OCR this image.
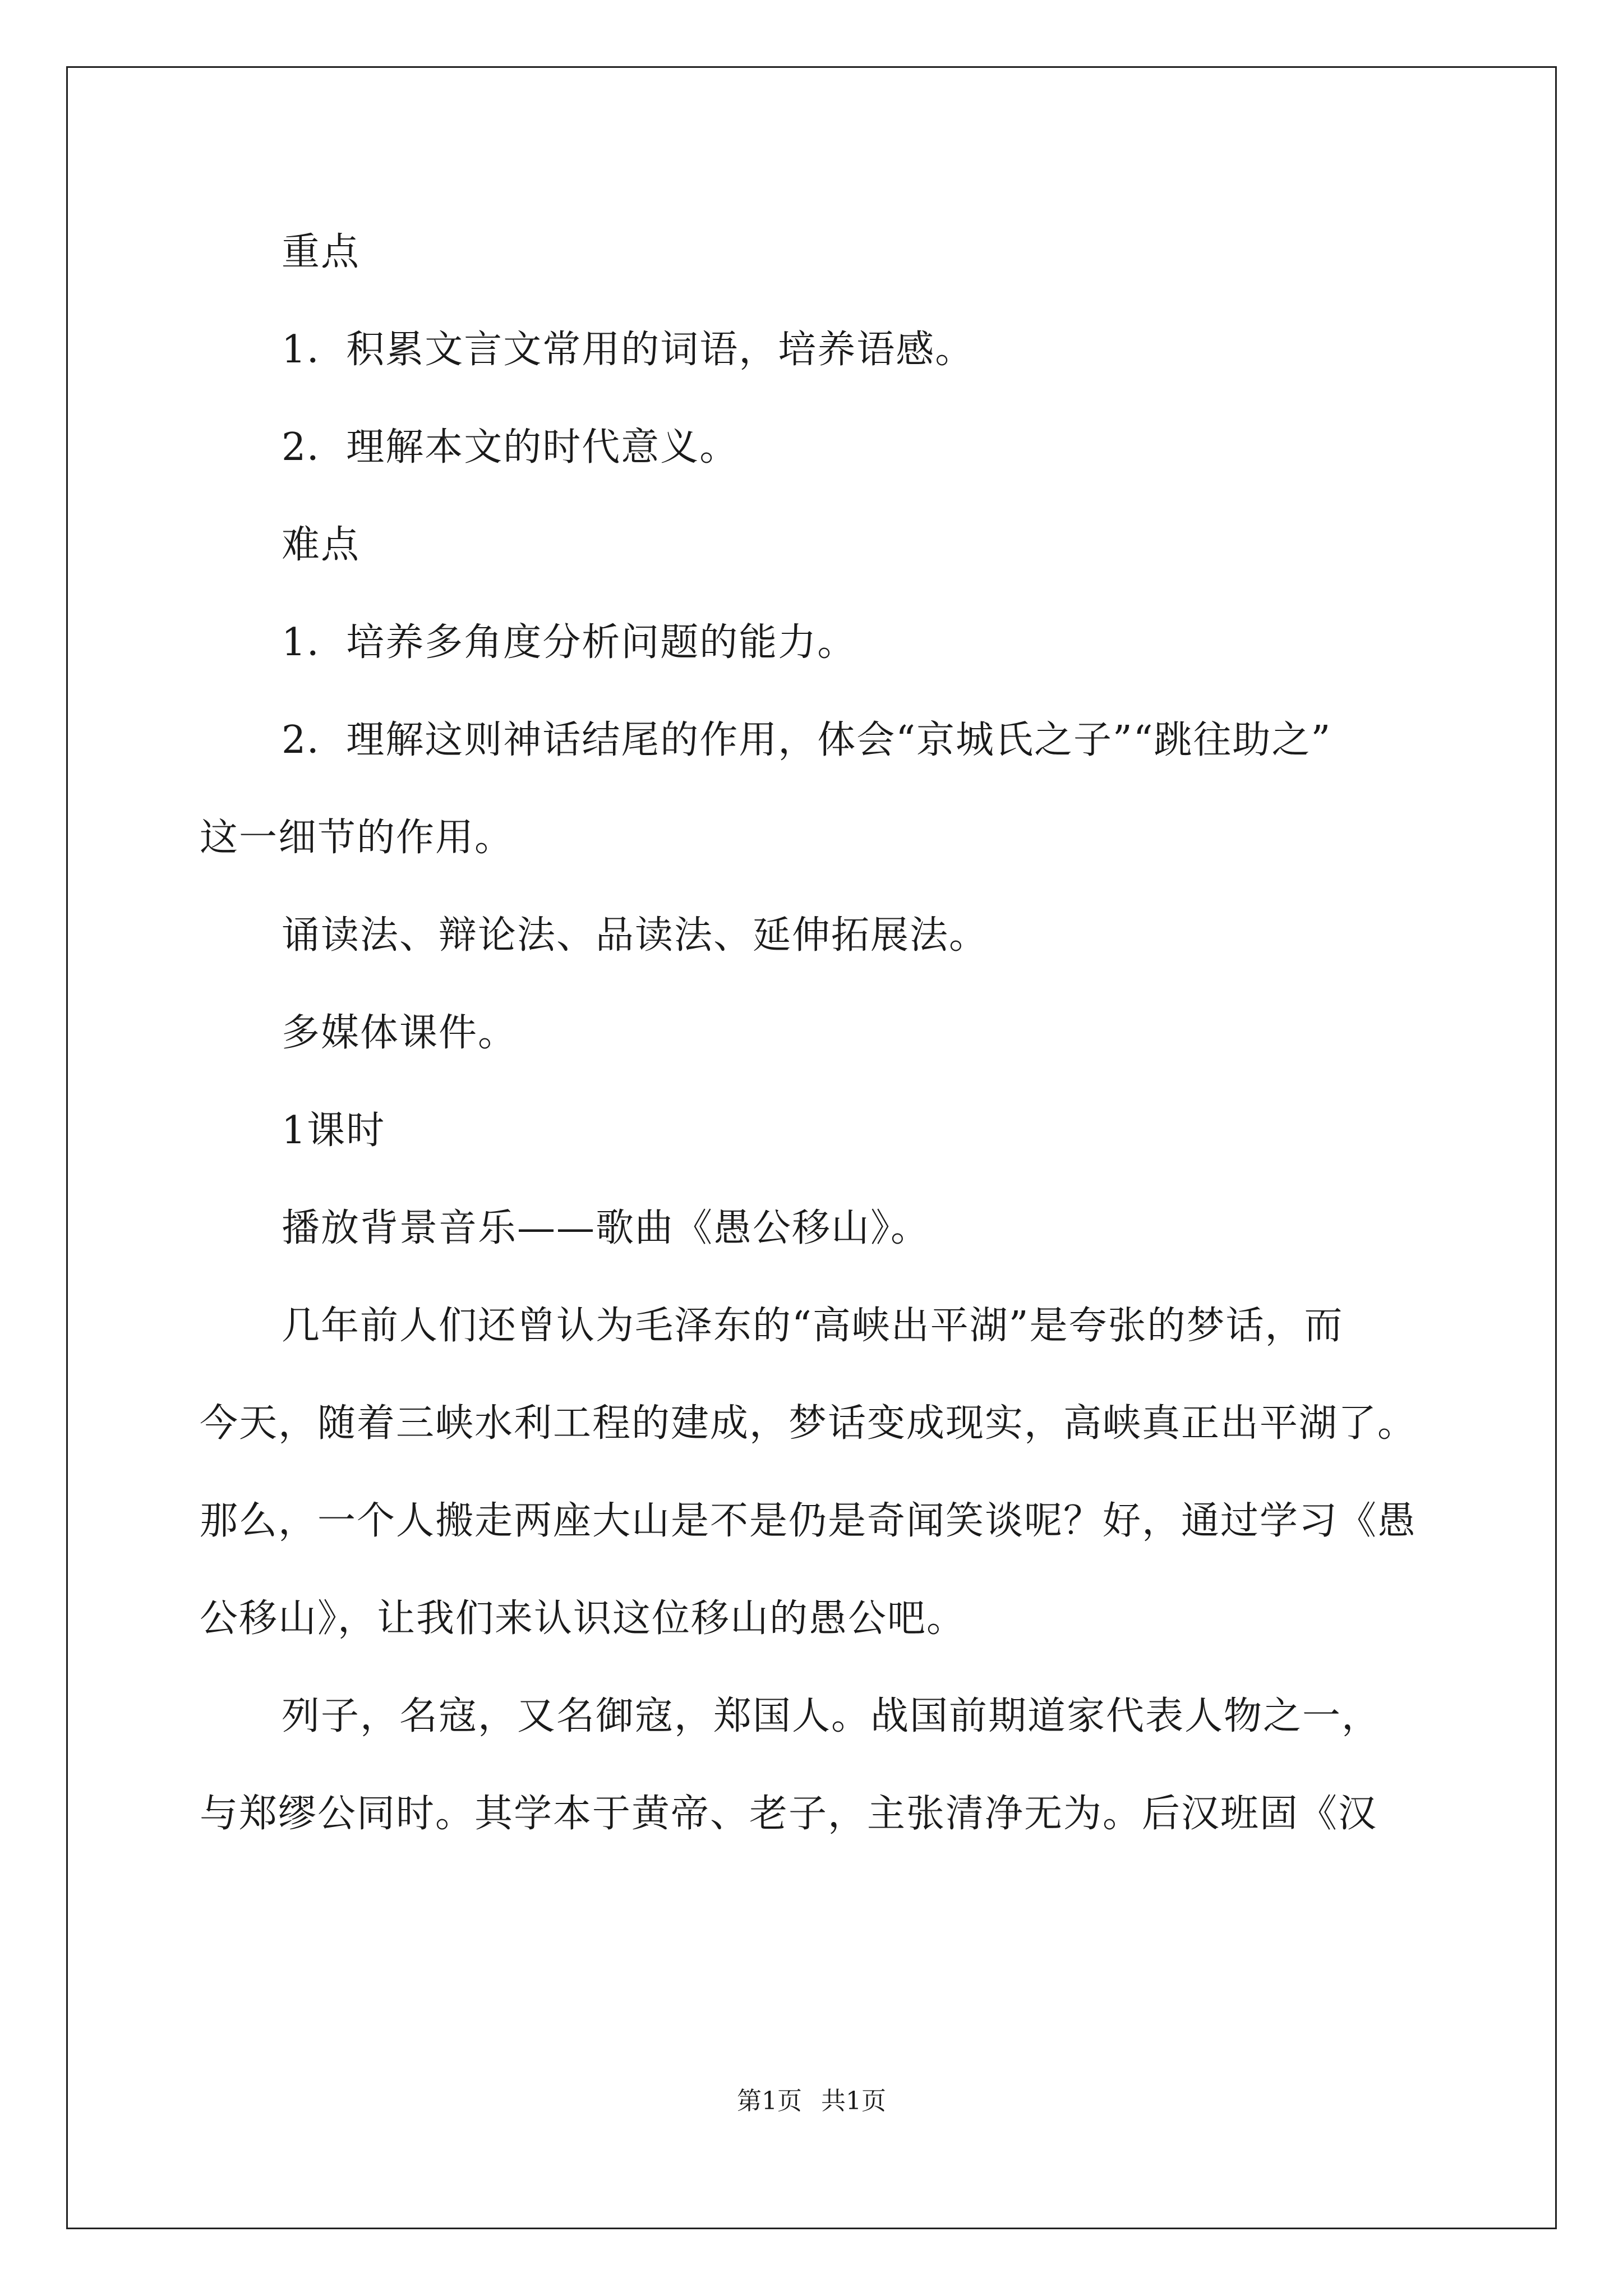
重点
1．积累文言文常用的词语，培养语感。
2．理解本文的时代意义。
难点
1．培养多角度分析问题的能力。
2．理解这则神话结尾的作用，体会“京城氏之子”“跳往助之”
这一细节的作用。
诵读法、辩论法、品读法、延伸拓展法。
多媒体课件。
1课时
播放背景音乐——歌曲《愚公移山》。
几年前人们还曾认为毛泽东的“高峡出平湖”是夸张的梦话，而
今天，随着三峡水利工程的建成，梦话变成现实，高峡真正出平湖了。
那么，一个人搬走两座大山是不是仍是奇闻笑谈呢？好，通过学习《愚
公移山》，让我们来认识这位移山的愚公吧。
列子，名寇，又名御寇，郑国人。战国前期道家代表人物之一，
与郑缪公同时。其学本于黄帝、老子，主张清净无为。后汉班固《汉
第1页 共1页
